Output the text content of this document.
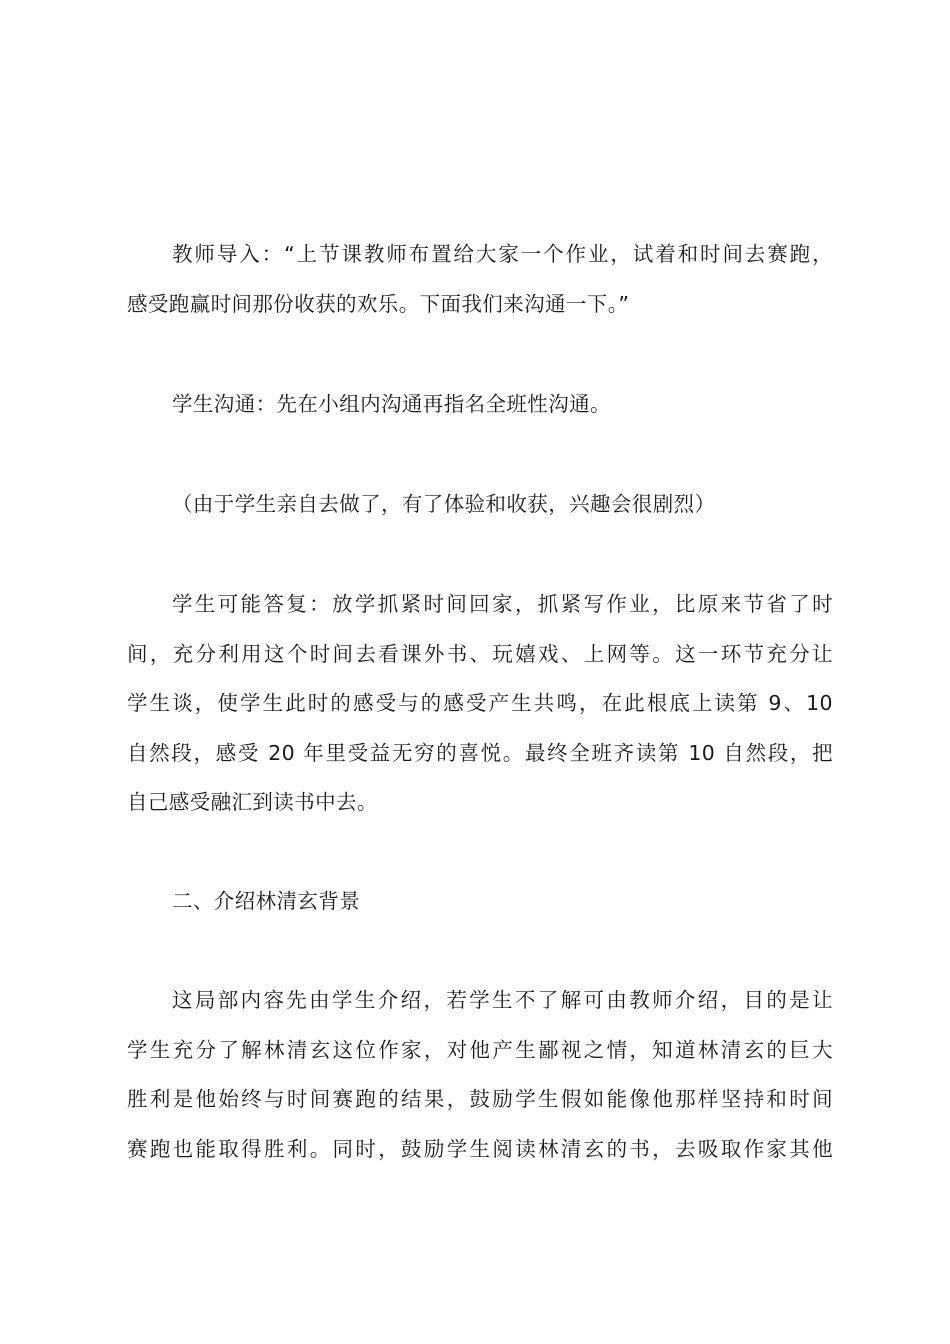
教师导入：“上节课教师布置给大家一个作业，试着和时间去赛跑，
感受跑赢时间那份收获的欢乐。下面我们来沟通一下。”
学生沟通：先在小组内沟通再指名全班性沟通。
（由于学生亲自去做了，有了体验和收获，兴趣会很剧烈）
学生可能答复：放学抓紧时间回家，抓紧写作业，比原来节省了时
间，充分利用这个时间去看课外书、玩嬉戏、上网等。这一环节充分让
学生谈，使学生此时的感受与的感受产生共鸣，在此根底上读第 9、10
自然段，感受 20 年里受益无穷的喜悦。最终全班齐读第 10 自然段，把
自己感受融汇到读书中去。
二、介绍林清玄背景
这局部内容先由学生介绍，若学生不了解可由教师介绍，目的是让
学生充分了解林清玄这位作家，对他产生鄙视之情，知道林清玄的巨大
胜利是他始终与时间赛跑的结果，鼓励学生假如能像他那样坚持和时间
赛跑也能取得胜利。同时，鼓励学生阅读林清玄的书，去吸取作家其他
